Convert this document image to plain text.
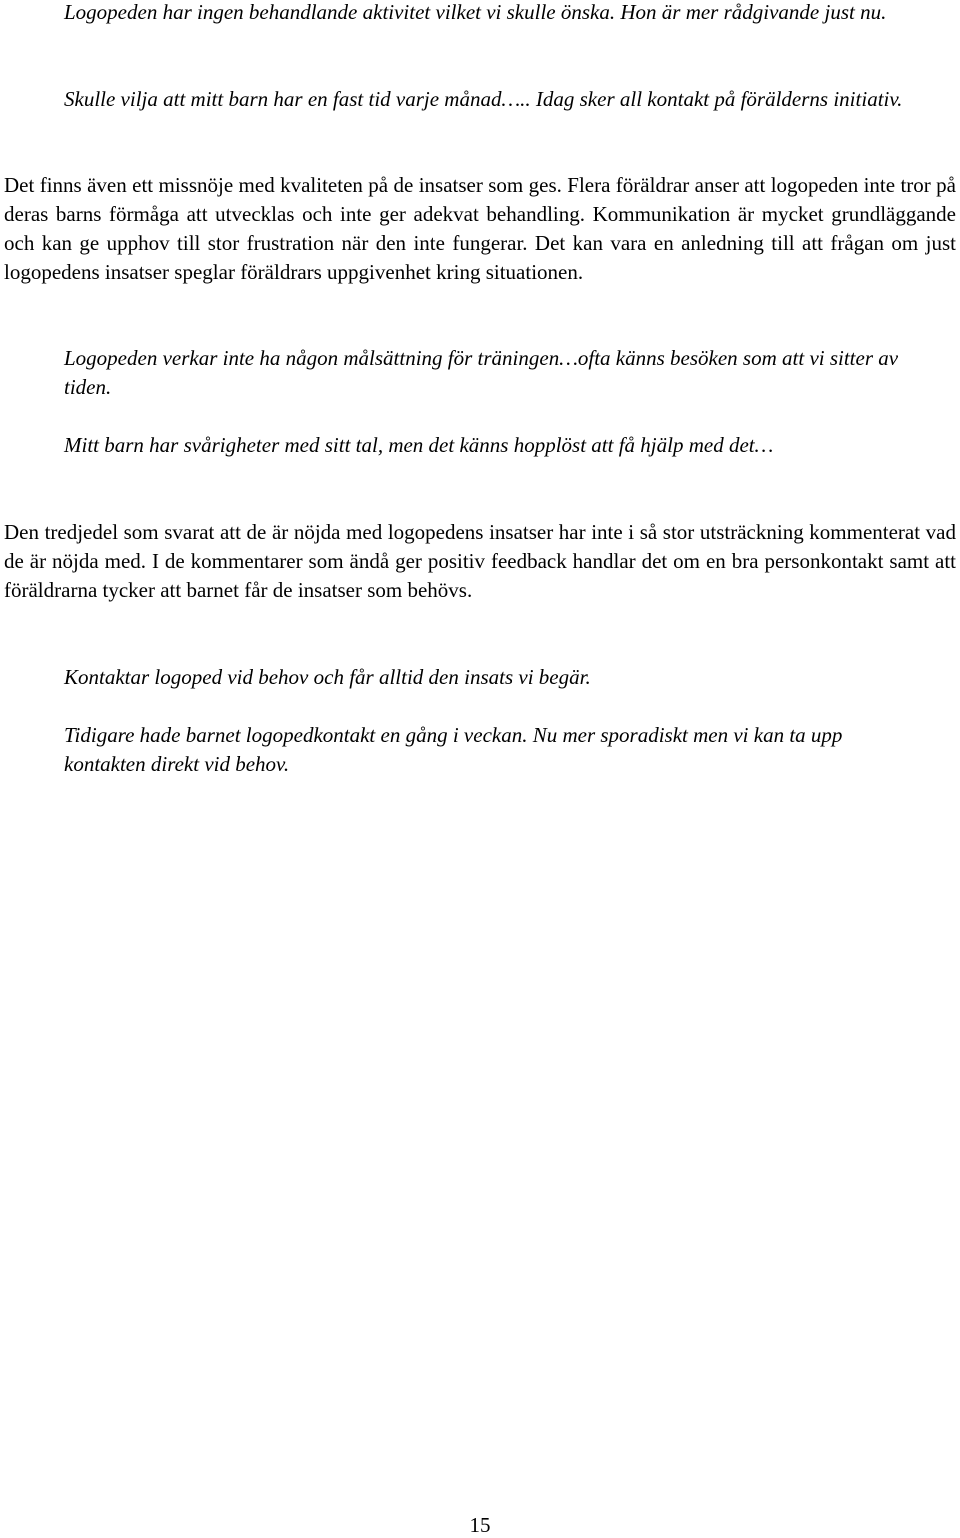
Logopeden har ingen behandlande aktivitet vilket vi skulle önska. Hon är mer rådgivande just nu.

Skulle vilja att mitt barn har en fast tid varje månad….. Idag sker all kontakt på förälderns initiativ.

Det finns även ett missnöje med kvaliteten på de insatser som ges. Flera föräldrar anser att logopeden inte tror på deras barns förmåga att utvecklas och inte ger adekvat behandling. Kommunikation är mycket grundläggande och kan ge upphov till stor frustration när den inte fungerar. Det kan vara en anledning till att frågan om just logopedens insatser speglar föräldrars uppgivenhet kring situationen.

Logopeden verkar inte ha någon målsättning för träningen…ofta känns besöken som att vi sitter av tiden.

Mitt barn har svårigheter med sitt tal, men det känns hopplöst att få hjälp med det…

Den tredjedel som svarat att de är nöjda med logopedens insatser har inte i så stor utsträckning kommenterat vad de är nöjda med. I de kommentarer som ändå ger positiv feedback handlar det om en bra personkontakt samt att föräldrarna tycker att barnet får de insatser som behövs.

Kontaktar logoped vid behov och får alltid den insats vi begär.

Tidigare hade barnet logopedkontakt en gång i veckan. Nu mer sporadiskt men vi kan ta upp kontakten direkt vid behov.

15
